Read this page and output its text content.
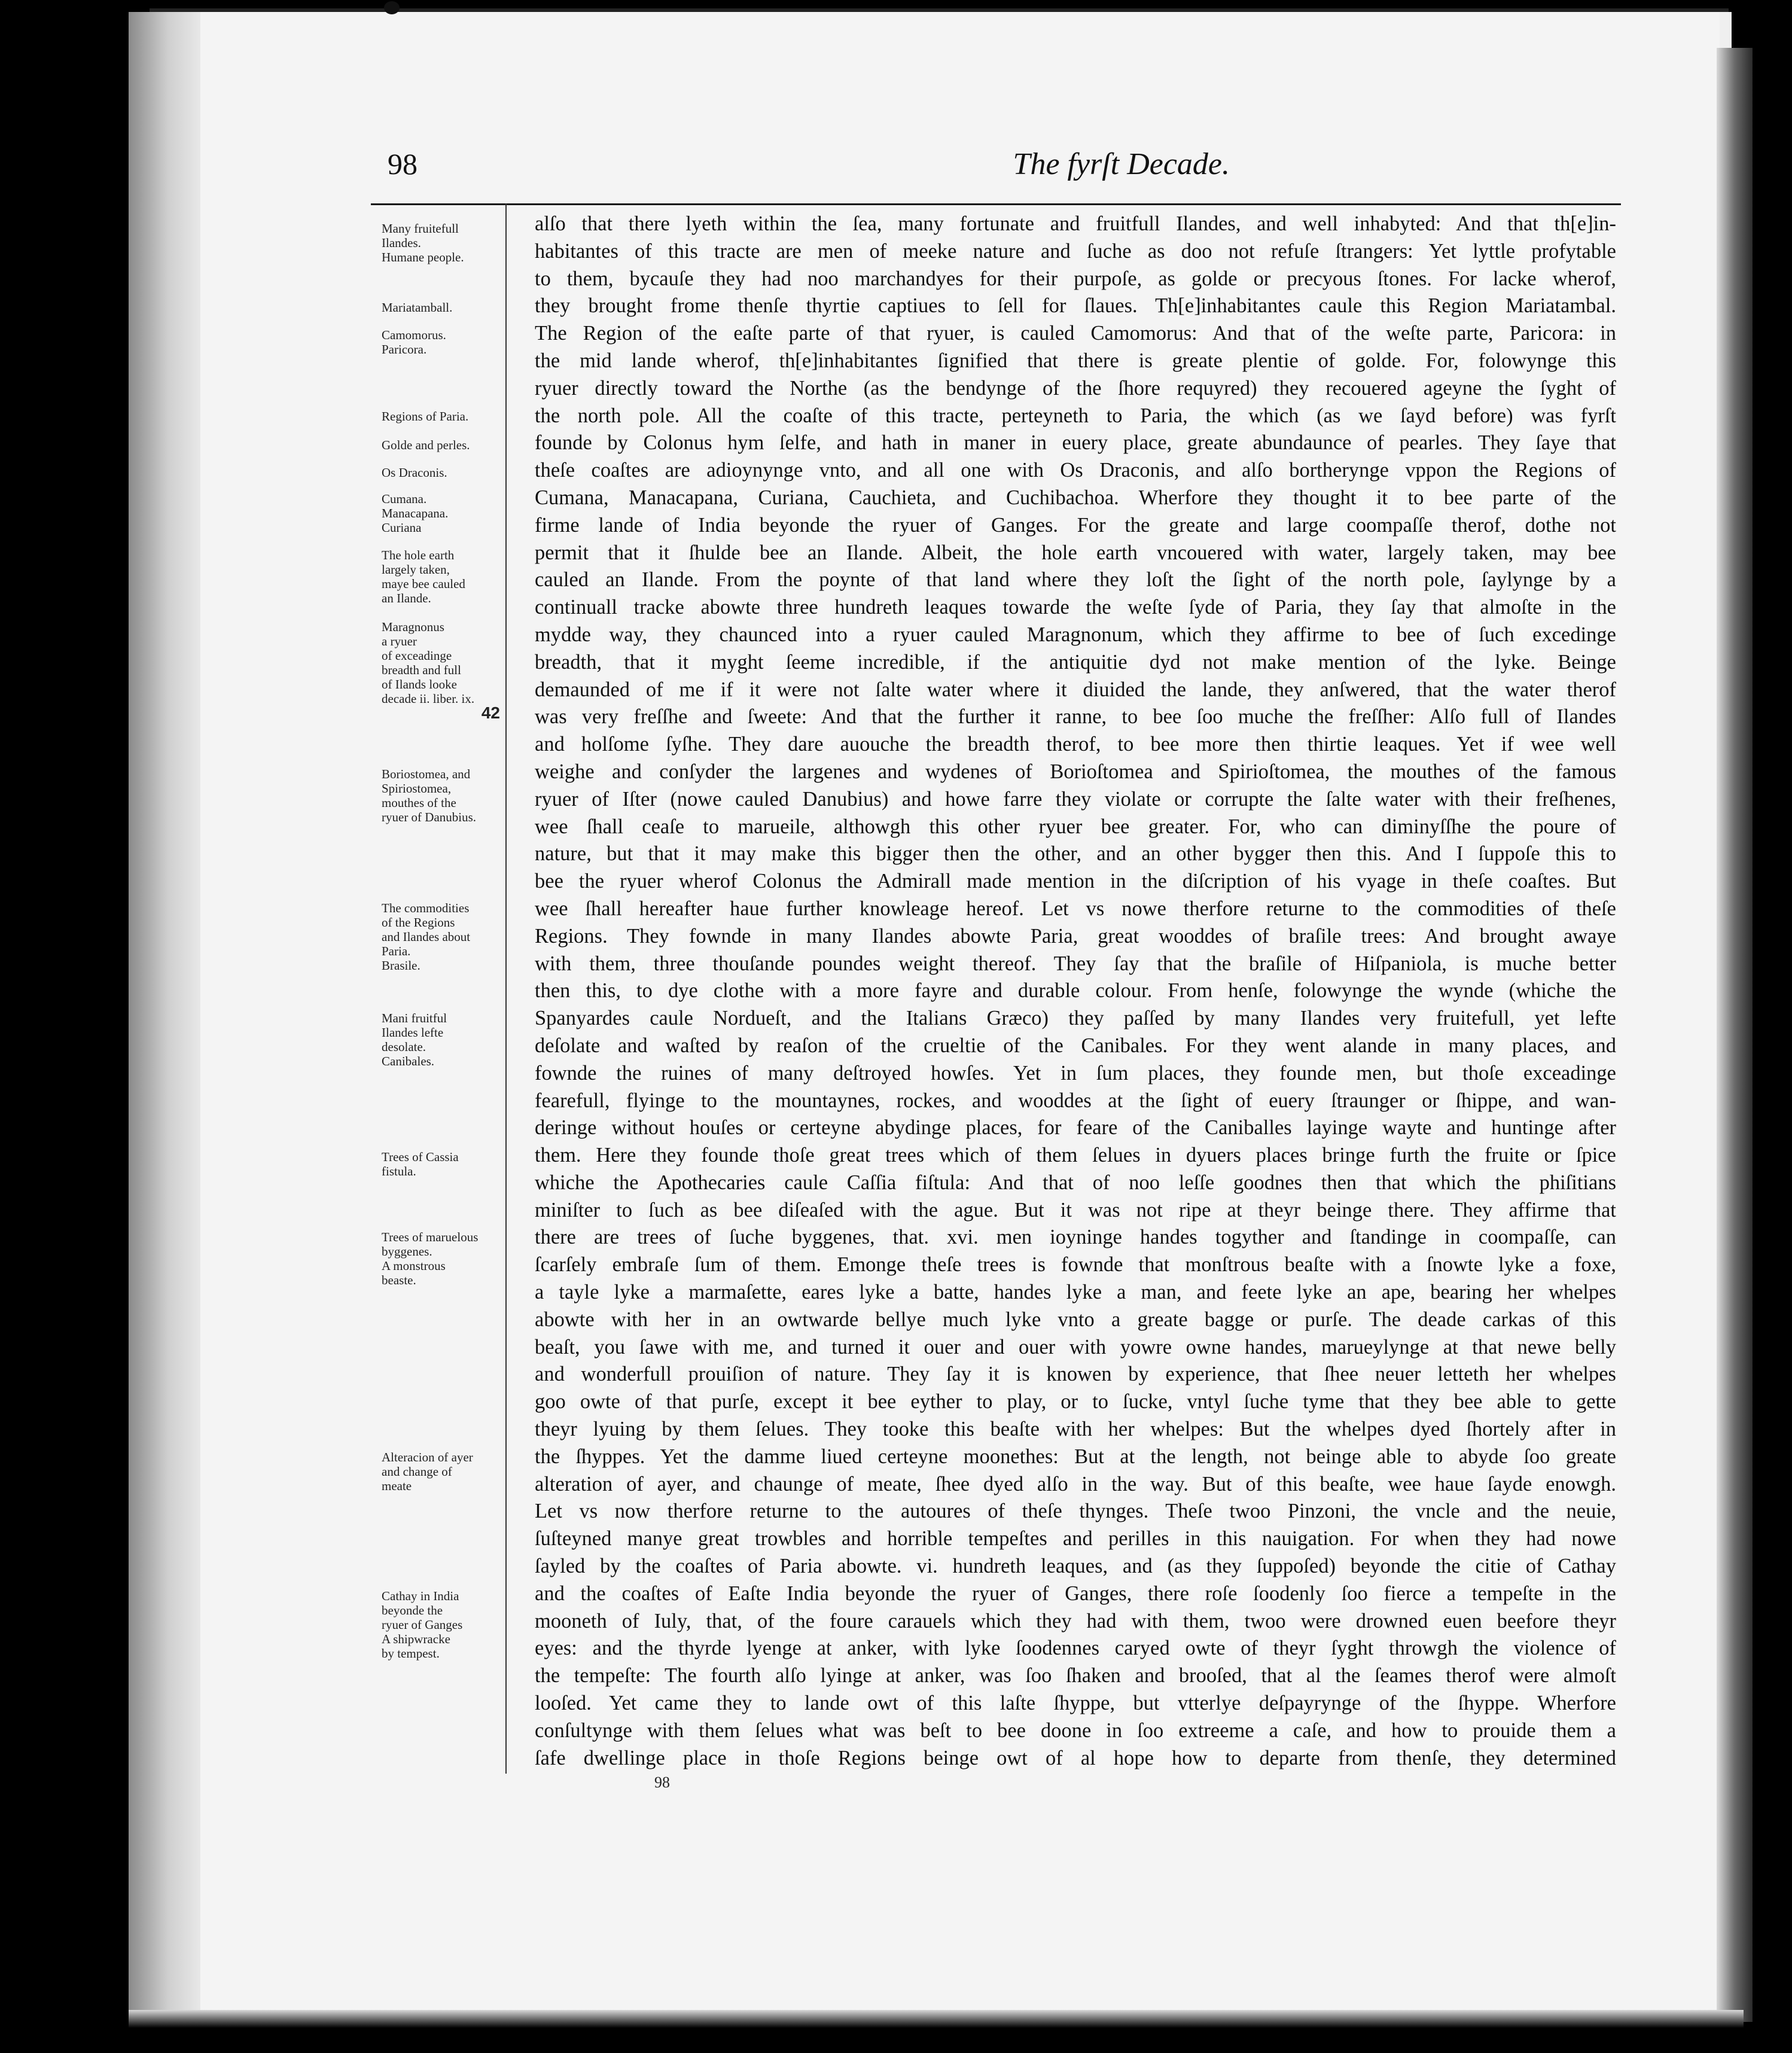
98	The fyrſt Decade.
Many fruitefull
Ilandes.
Humane people.
Mariatamball.
Camomorus.
Paricora.
Regions of Paria.
Golde and perles.
Os Draconis.
Cumana.
Manacapana.
Curiana
The hole earth
largely taken,
maye bee cauled
an Ilande.
Maragnonus
a ryuer
of exceadinge
breadth and full
of Ilands looke
decade ii. liber. ix.
42
Boriostomea, and
Spiriostomea,
mouthes of the
ryuer of Danubius.
The commodities
of the Regions
and Ilandes about
Paria.
Brasile.
Mani fruitful
Ilandes lefte
desolate.
Canibales.
Trees of Cassia
fistula.
Trees of maruelous
byggenes.
A monstrous
beaste.
Alteracion of ayer
and change of
meate
Cathay in India
beyonde the
ryuer of Ganges
A shipwracke
by tempest.

alſo that there lyeth within the ſea, many fortunate and fruitfull Ilandes, and well inhabyted: And that th[e]in-

habitantes of this tracte are men of meeke nature and ſuche as doo not refuſe ſtrangers: Yet lyttle profytable

to them, bycauſe they had noo marchandyes for their purpoſe, as golde or precyous ſtones. For lacke wherof,

they brought frome thenſe thyrtie captiues to ſell for ſlaues. Th[e]inhabitantes caule this Region Mariatambal.

The Region of the eaſte parte of that ryuer, is cauled Camomorus: And that of the weſte parte, Paricora: in

the mid lande wherof, th[e]inhabitantes ſignified that there is greate plentie of golde. For, folowynge this

ryuer directly toward the Northe (as the bendynge of the ſhore requyred) they recouered ageyne the ſyght of

the north pole. All the coaſte of this tracte, perteyneth to Paria, the which (as we ſayd before) was fyrſt

founde by Colonus hym ſelfe, and hath in maner in euery place, greate abundaunce of pearles. They ſaye that

theſe coaſtes are adioynynge vnto, and all one with Os Draconis, and alſo bortherynge vppon the Regions of

Cumana, Manacapana, Curiana, Cauchieta, and Cuchibachoa. Wherfore they thought it to bee parte of the

firme lande of India beyonde the ryuer of Ganges. For the greate and large coompaſſe therof, dothe not

permit that it ſhulde bee an Ilande. Albeit, the hole earth vncouered with water, largely taken, may bee

cauled an Ilande. From the poynte of that land where they loſt the ſight of the north pole, ſaylynge by a

continuall tracke abowte three hundreth leaques towarde the weſte ſyde of Paria, they ſay that almoſte in the

mydde way, they chaunced into a ryuer cauled Maragnonum, which they affirme to bee of ſuch excedinge

breadth, that it myght ſeeme incredible, if the antiquitie dyd not make mention of the lyke. Beinge

demaunded of me if it were not ſalte water where it diuided the lande, they anſwered, that the water therof

was very freſſhe and ſweete: And that the further it ranne, to bee ſoo muche the freſſher: Alſo full of Ilandes

and holſome ſyſhe. They dare auouche the breadth therof, to bee more then thirtie leaques. Yet if wee well

weighe and conſyder the largenes and wydenes of Borioſtomea and Spirioſtomea, the mouthes of the famous

ryuer of Iſter (nowe cauled Danubius) and howe farre they violate or corrupte the ſalte water with their freſhenes,

wee ſhall ceaſe to marueile, althowgh this other ryuer bee greater. For, who can diminyſſhe the poure of

nature, but that it may make this bigger then the other, and an other bygger then this. And I ſuppoſe this to

bee the ryuer wherof Colonus the Admirall made mention in the diſcription of his vyage in theſe coaſtes. But

wee ſhall hereafter haue further knowleage hereof. Let vs nowe therfore returne to the commodities of theſe

Regions. They fownde in many Ilandes abowte Paria, great wooddes of braſile trees: And brought awaye

with them, three thouſande poundes weight thereof. They ſay that the braſile of Hiſpaniola, is muche better

then this, to dye clothe with a more fayre and durable colour. From henſe, folowynge the wynde (whiche the

Spanyardes caule Nordueſt, and the Italians Græco) they paſſed by many Ilandes very fruitefull, yet lefte

deſolate and waſted by reaſon of the crueltie of the Canibales. For they went alande in many places, and

fownde the ruines of many deſtroyed howſes. Yet in ſum places, they founde men, but thoſe exceadinge

fearefull, flyinge to the mountaynes, rockes, and wooddes at the ſight of euery ſtraunger or ſhippe, and wan-

deringe without houſes or certeyne abydinge places, for feare of the Caniballes layinge wayte and huntinge after

them. Here they founde thoſe great trees which of them ſelues in dyuers places bringe furth the fruite or ſpice

whiche the Apothecaries caule Caſſia fiſtula: And that of noo leſſe goodnes then that which the phiſitians

miniſter to ſuch as bee diſeaſed with the ague. But it was not ripe at theyr beinge there. They affirme that

there are trees of ſuche byggenes, that. xvi. men ioyninge handes togyther and ſtandinge in coompaſſe, can

ſcarſely embraſe ſum of them. Emonge theſe trees is fownde that monſtrous beaſte with a ſnowte lyke a foxe,

a tayle lyke a marmaſette, eares lyke a batte, handes lyke a man, and feete lyke an ape, bearing her whelpes

abowte with her in an owtwarde bellye much lyke vnto a greate bagge or purſe. The deade carkas of this

beaſt, you ſawe with me, and turned it ouer and ouer with yowre owne handes, marueylynge at that newe belly

and wonderfull prouiſion of nature. They ſay it is knowen by experience, that ſhee neuer letteth her whelpes

goo owte of that purſe, except it bee eyther to play, or to ſucke, vntyl ſuche tyme that they bee able to gette

theyr lyuing by them ſelues. They tooke this beaſte with her whelpes: But the whelpes dyed ſhortely after in

the ſhyppes. Yet the damme liued certeyne moonethes: But at the length, not beinge able to abyde ſoo greate

alteration of ayer, and chaunge of meate, ſhee dyed alſo in the way. But of this beaſte, wee haue ſayde enowgh.

Let vs now therfore returne to the autoures of theſe thynges. Theſe twoo Pinzoni, the vncle and the neuie,

ſuſteyned manye great trowbles and horrible tempeſtes and perilles in this nauigation. For when they had nowe

ſayled by the coaſtes of Paria abowte. vi. hundreth leaques, and (as they ſuppoſed) beyonde the citie of Cathay

and the coaſtes of Eaſte India beyonde the ryuer of Ganges, there roſe ſoodenly ſoo fierce a tempeſte in the

mooneth of Iuly, that, of the foure carauels which they had with them, twoo were drowned euen beefore theyr

eyes: and the thyrde lyenge at anker, with lyke ſoodennes caryed owte of theyr ſyght throwgh the violence of

the tempeſte: The fourth alſo lyinge at anker, was ſoo ſhaken and brooſed, that al the ſeames therof were almoſt

looſed. Yet came they to lande owt of this laſte ſhyppe, but vtterlye deſpayrynge of the ſhyppe. Wherfore

conſultynge with them ſelues what was beſt to bee doone in ſoo extreeme a caſe, and how to prouide them a

ſafe dwellinge place in thoſe Regions beinge owt of al hope how to departe from thenſe, they determined

98
